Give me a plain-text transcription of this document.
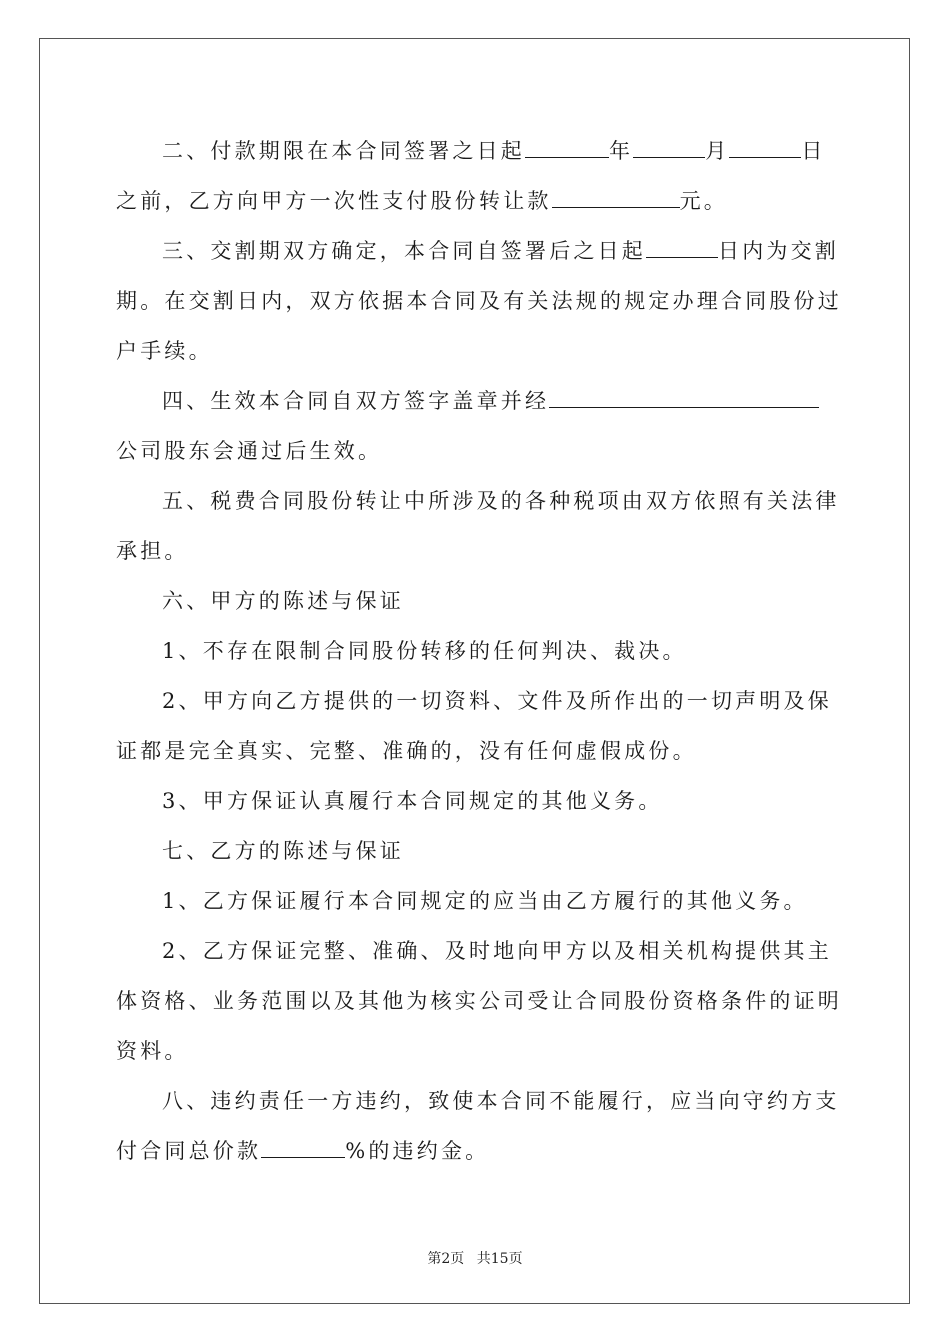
二、付款期限在本合同签署之日起	年	月	日
之前，乙方向甲方一次性支付股份转让款	元。
三、交割期双方确定，本合同自签署后之日起	日内为交割
期。在交割日内，双方依据本合同及有关法规的规定办理合同股份过
户手续。
四、生效本合同自双方签字盖章并经
公司股东会通过后生效。
五、税费合同股份转让中所涉及的各种税项由双方依照有关法律
承担。
六、甲方的陈述与保证
1、不存在限制合同股份转移的任何判决、裁决。
2、甲方向乙方提供的一切资料、文件及所作出的一切声明及保
证都是完全真实、完整、准确的，没有任何虚假成份。
3、甲方保证认真履行本合同规定的其他义务。
七、乙方的陈述与保证
1、乙方保证履行本合同规定的应当由乙方履行的其他义务。
2、乙方保证完整、准确、及时地向甲方以及相关机构提供其主
体资格、业务范围以及其他为核实公司受让合同股份资格条件的证明
资料。
八、违约责任一方违约，致使本合同不能履行，应当向守约方支
付合同总价款	%的违约金。
第2页 共15页
